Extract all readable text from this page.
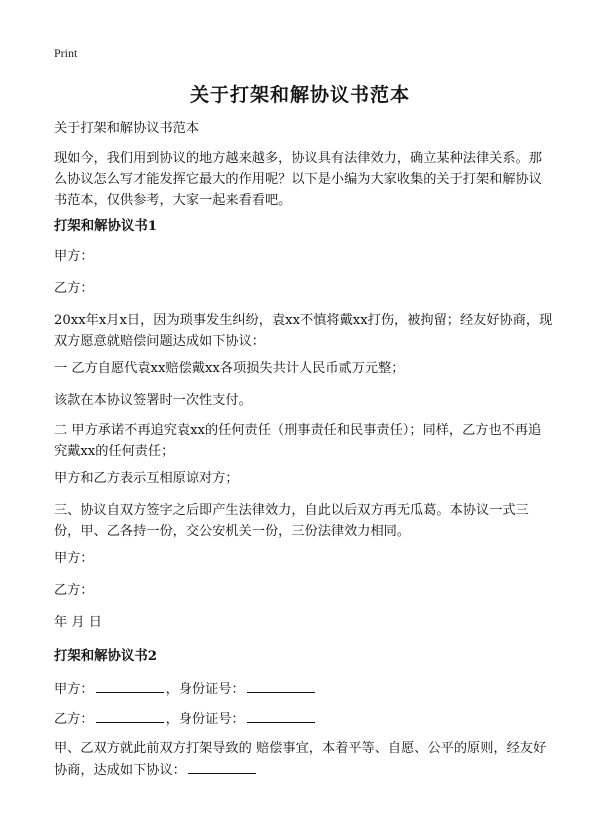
Print
关于打架和解协议书范本

关于打架和解协议书范本

现如今，我们用到协议的地方越来越多，协议具有法律效力，确立某种法律关系。那么协议怎么写才能发挥它最大的作用呢？以下是小编为大家收集的关于打架和解协议书范本，仅供参考，大家一起来看看吧。

打架和解协议书1

甲方：

乙方：

20xx年x月x日，因为琐事发生纠纷，袁xx不慎将戴xx打伤，被拘留；经友好协商，现双方愿意就赔偿问题达成如下协议：

一 乙方自愿代袁xx赔偿戴xx各项损失共计人民币贰万元整；

该款在本协议签署时一次性支付。

二 甲方承诺不再追究袁xx的任何责任（刑事责任和民事责任）；同样，乙方也不再追究戴xx的任何责任；

甲方和乙方表示互相原谅对方；

三、协议自双方签字之后即产生法律效力，自此以后双方再无瓜葛。本协议一式三份，甲、乙各持一份，交公安机关一份，三份法律效力相同。

甲方：

乙方：

年 月 日

打架和解协议书2

甲方：	，身份证号：

乙方：	，身份证号：

甲、乙双方就此前双方打架导致的 赔偿事宜，本着平等、自愿、公平的原则，经友好协商，达成如下协议：
